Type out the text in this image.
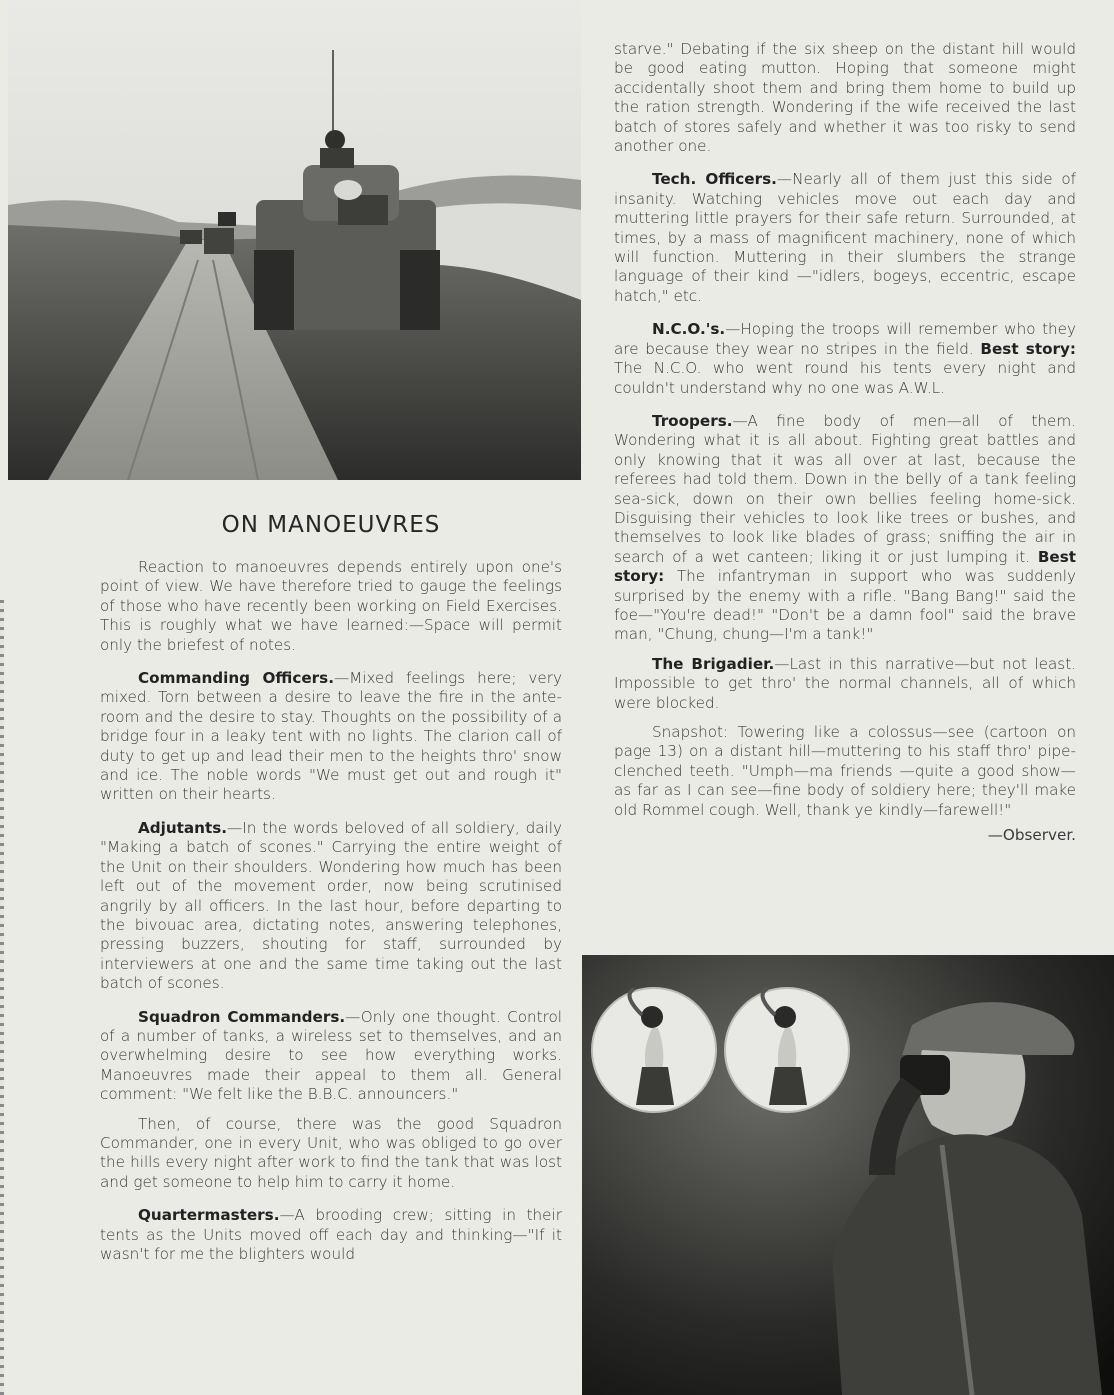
ON MANOEUVRES

Reaction to manoeuvres depends entirely upon one's point of view. We have therefore tried to gauge the feelings of those who have recently been working on Field Exercises. This is roughly what we have learned:—Space will permit only the briefest of notes.

Commanding Officers.—Mixed feelings here; very mixed. Torn between a desire to leave the fire in the ante-room and the desire to stay. Thoughts on the possibility of a bridge four in a leaky tent with no lights. The clarion call of duty to get up and lead their men to the heights thro' snow and ice. The noble words "We must get out and rough it" written on their hearts.

Adjutants.—In the words beloved of all soldiery, daily "Making a batch of scones." Carrying the entire weight of the Unit on their shoulders. Wondering how much has been left out of the movement order, now being scrutinised angrily by all officers. In the last hour, before departing to the bivouac area, dictating notes, answering telephones, pressing buzzers, shouting for staff, surrounded by interviewers at one and the same time taking out the last batch of scones.

Squadron Commanders.—Only one thought. Control of a number of tanks, a wireless set to themselves, and an overwhelming desire to see how everything works. Manoeuvres made their appeal to them all. General comment: "We felt like the B.B.C. announcers."

Then, of course, there was the good Squadron Commander, one in every Unit, who was obliged to go over the hills every night after work to find the tank that was lost and get someone to help him to carry it home.

Quartermasters.—A brooding crew; sitting in their tents as the Units moved off each day and thinking—"If it wasn't for me the blighters would

starve." Debating if the six sheep on the distant hill would be good eating mutton. Hoping that someone might accidentally shoot them and bring them home to build up the ration strength. Wondering if the wife received the last batch of stores safely and whether it was too risky to send another one.

Tech. Officers.—Nearly all of them just this side of insanity. Watching vehicles move out each day and muttering little prayers for their safe return. Surrounded, at times, by a mass of magnificent machinery, none of which will function. Muttering in their slumbers the strange language of their kind —"idlers, bogeys, eccentric, escape hatch," etc.

N.C.O.'s.—Hoping the troops will remember who they are because they wear no stripes in the field. Best story: The N.C.O. who went round his tents every night and couldn't understand why no one was A.W.L.

Troopers.—A fine body of men—all of them. Wondering what it is all about. Fighting great battles and only knowing that it was all over at last, because the referees had told them. Down in the belly of a tank feeling sea-sick, down on their own bellies feeling home-sick. Disguising their vehicles to look like trees or bushes, and themselves to look like blades of grass; sniffing the air in search of a wet canteen; liking it or just lumping it. Best story: The infantryman in support who was suddenly surprised by the enemy with a rifle. "Bang Bang!" said the foe—"You're dead!" "Don't be a damn fool" said the brave man, "Chung, chung—I'm a tank!"

The Brigadier.—Last in this narrative—but not least. Impossible to get thro' the normal channels, all of which were blocked.

Snapshot: Towering like a colossus—see (cartoon on page 13) on a distant hill—muttering to his staff thro' pipe-clenched teeth. "Umph—ma friends —quite a good show—as far as I can see—fine body of soldiery here; they'll make old Rommel cough. Well, thank ye kindly—farewell!"

—Observer.
